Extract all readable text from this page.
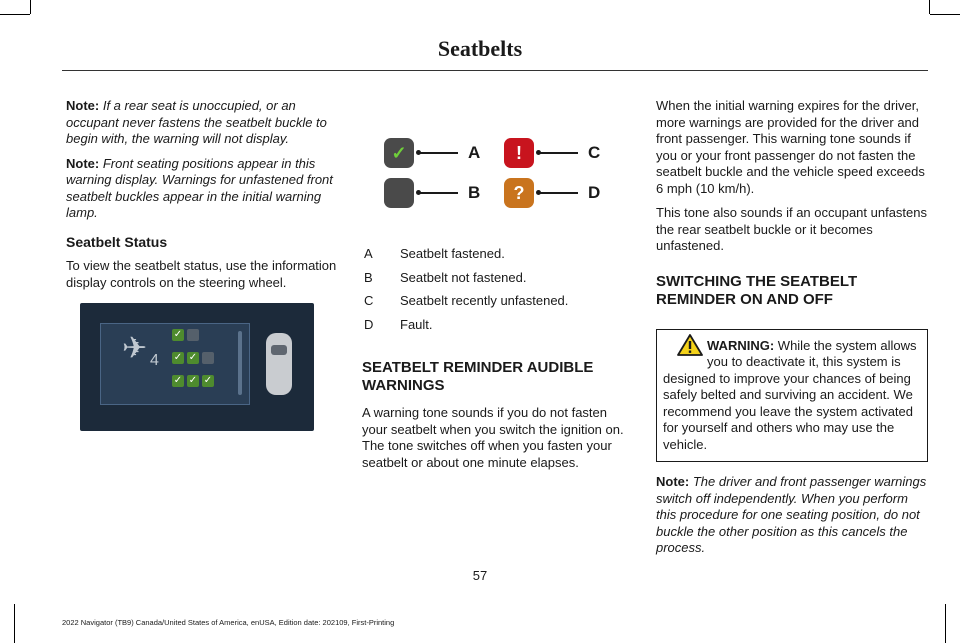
Seatbelts

Note: If a rear seat is unoccupied, or an occupant never fastens the seatbelt buckle to begin with, the warning will not display.

Note: Front seating positions appear in this warning display. Warnings for unfastened front seatbelt buckles appear in the initial warning lamp.

Seatbelt Status

To view the seatbelt status, use the information display controls on the steering wheel.

✈ 4
✓
✓ ✓
✓ ✓ ✓
✓	A
B
!	C
?	D
A	Seatbelt fastened.
B	Seatbelt not fastened.
C	Seatbelt recently unfastened.
D	Fault.
SEATBELT REMINDER AUDIBLE WARNINGS

A warning tone sounds if you do not fasten your seatbelt when you switch the ignition on. The tone switches off when you fasten your seatbelt or about one minute elapses.

When the initial warning expires for the driver, more warnings are provided for the driver and front passenger. This warning tone sounds if you or your front passenger do not fasten the seatbelt buckle and the vehicle speed exceeds 6 mph (10 km/h).

This tone also sounds if an occupant unfastens the rear seatbelt buckle or it becomes unfastened.

SWITCHING THE SEATBELT REMINDER ON AND OFF
WARNING: While the system allows you to deactivate it, this system is designed to improve your chances of being safely belted and surviving an accident. We recommend you leave the system activated for yourself and others who may use the vehicle.

Note: The driver and front passenger warnings switch off independently. When you perform this procedure for one seating position, do not buckle the other position as this cancels the process.

57
2022 Navigator (TB9) Canada/United States of America, enUSA, Edition date: 202109, First-Printing
